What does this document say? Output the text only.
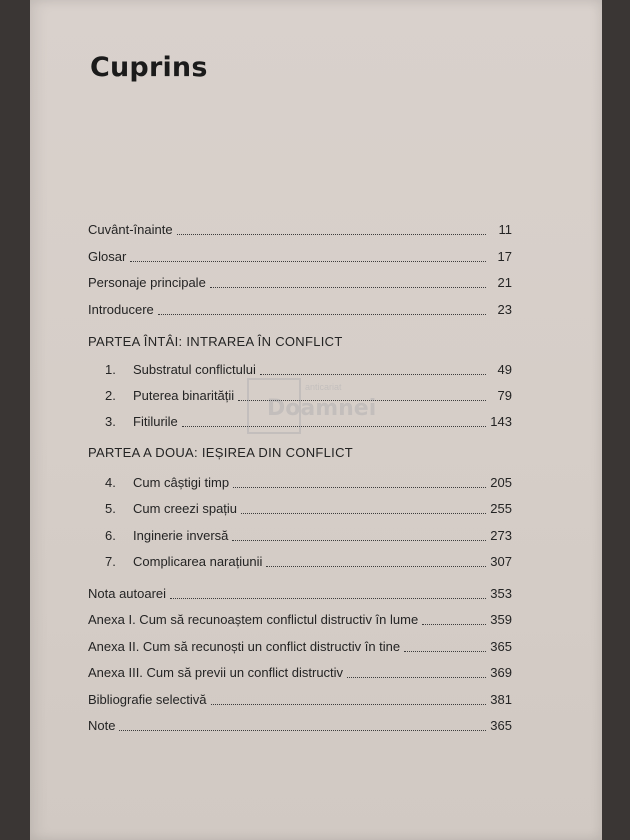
Cuprins
Cuvânt-înainte	11
Glosar	17
Personaje principale	21
Introducere	23
PARTEA ÎNTÂI: INTRAREA ÎN CONFLICT
1.	Substratul conflictului	49
2.	Puterea binarității	79
3.	Fitilurile	143
PARTEA A DOUA: IEȘIREA DIN CONFLICT
4.	Cum câștigi timp	205
5.	Cum creezi spațiu	255
6.	Inginerie inversă	273
7.	Complicarea narațiunii	307
Nota autoarei	353
Anexa I. Cum să recunoaștem conflictul distructiv în lume	359
Anexa II. Cum să recunoști un conflict distructiv în tine	365
Anexa III. Cum să previi un conflict distructiv	369
Bibliografie selectivă	381
Note	365
